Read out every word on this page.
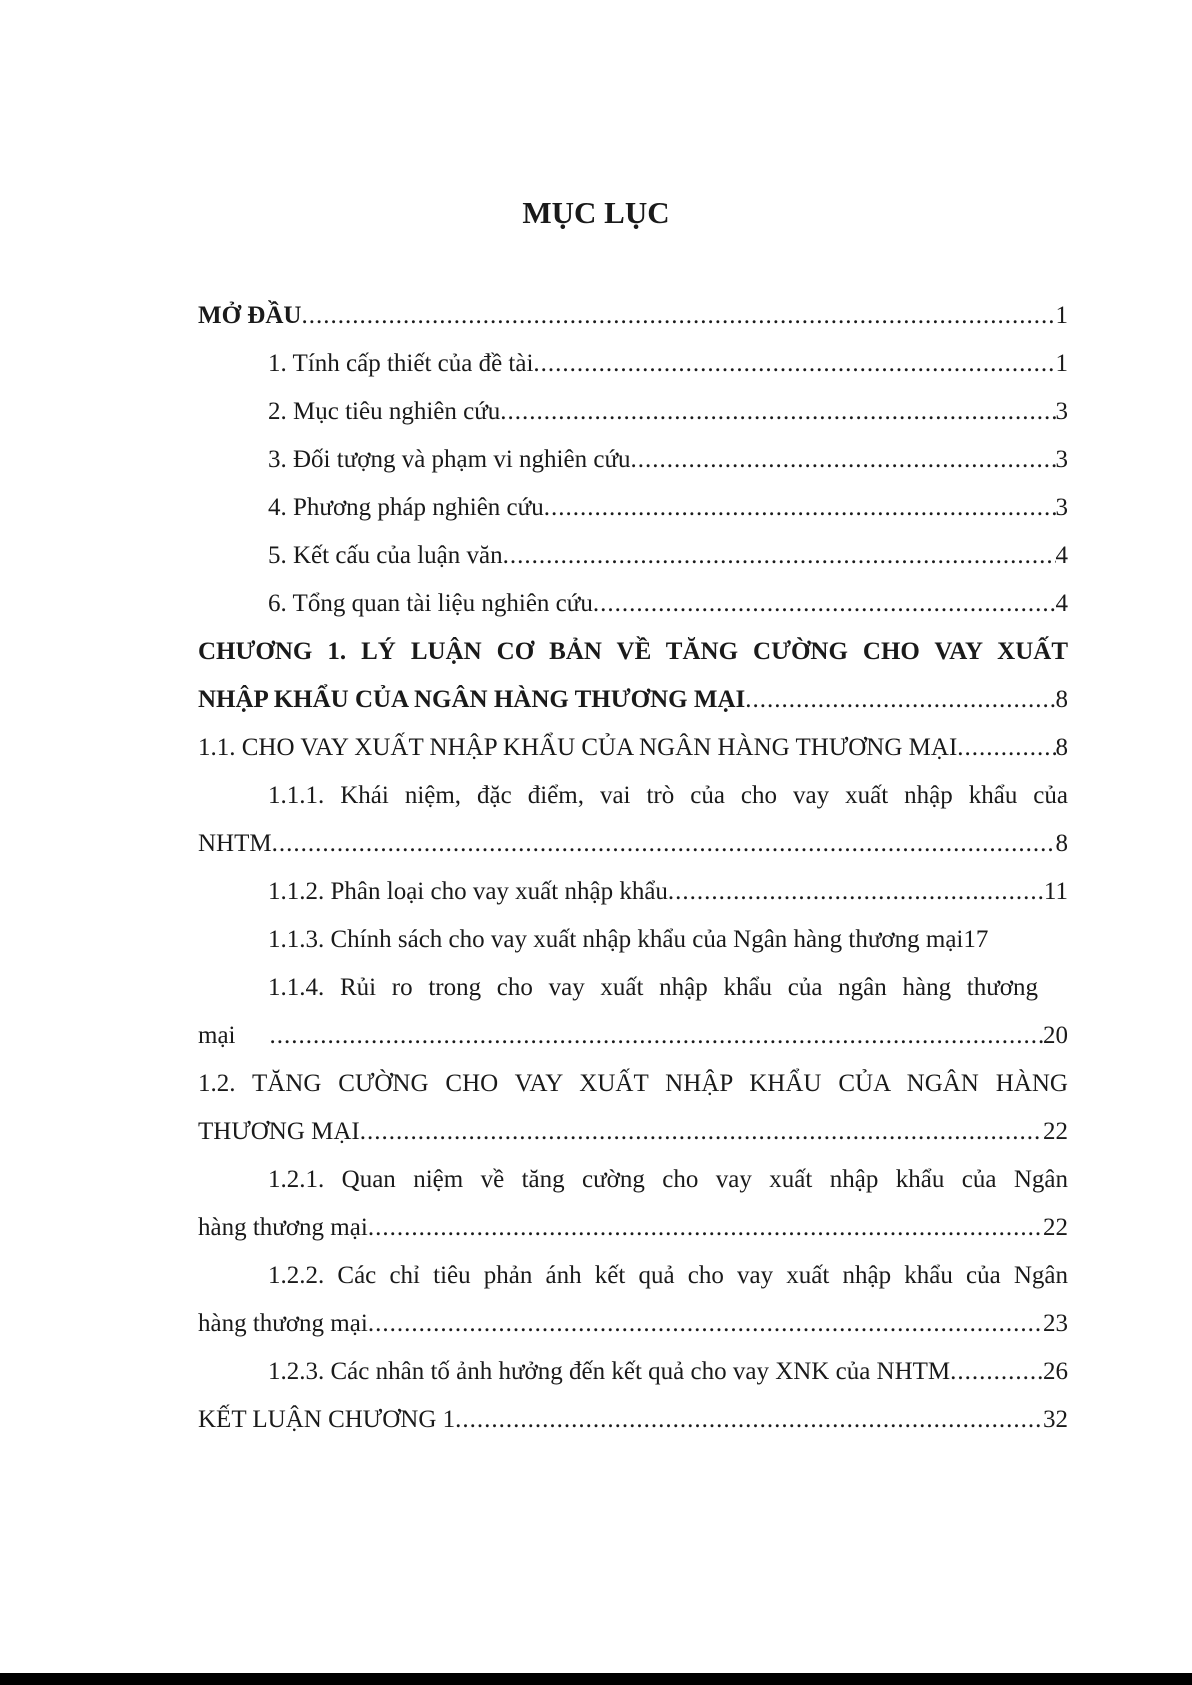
MỤC LỤC
MỞ ĐẦU .....	1
1. Tính cấp thiết của đề tài .....	1
2. Mục tiêu nghiên cứu .....	3
3. Đối tượng và phạm vi nghiên cứu .....	3
4. Phương pháp nghiên cứu .....	3
5. Kết cấu của luận văn .....	4
6. Tổng quan tài liệu nghiên cứu .....	4
CHƯƠNG 1. LÝ LUẬN CƠ BẢN VỀ TĂNG CƯỜNG CHO VAY XUẤT
NHẬP KHẨU CỦA NGÂN HÀNG THƯƠNG MẠI .....	8
1.1. CHO VAY XUẤT NHẬP KHẨU CỦA NGÂN HÀNG THƯƠNG MẠI .....	8
1.1.1. Khái niệm, đặc điểm, vai trò của cho vay xuất nhập khẩu của
NHTM .....	8
1.1.2. Phân loại cho vay xuất nhập khẩu .....	11
1.1.3. Chính sách cho vay xuất nhập khẩu của Ngân hàng thương mại 17
1.1.4. Rủi ro trong cho vay xuất nhập khẩu của ngân hàng thương
mại .....	20
1.2. TĂNG CƯỜNG CHO VAY XUẤT NHẬP KHẨU CỦA NGÂN HÀNG
THƯƠNG MẠI .....	22
1.2.1. Quan niệm về tăng cường cho vay xuất nhập khẩu của Ngân
hàng thương mại .....	22
1.2.2. Các chỉ tiêu phản ánh kết quả cho vay xuất nhập khẩu của Ngân
hàng thương mại .....	23
1.2.3. Các nhân tố ảnh hưởng đến kết quả cho vay XNK của NHTM .....	26
KẾT LUẬN CHƯƠNG 1 .....	32
